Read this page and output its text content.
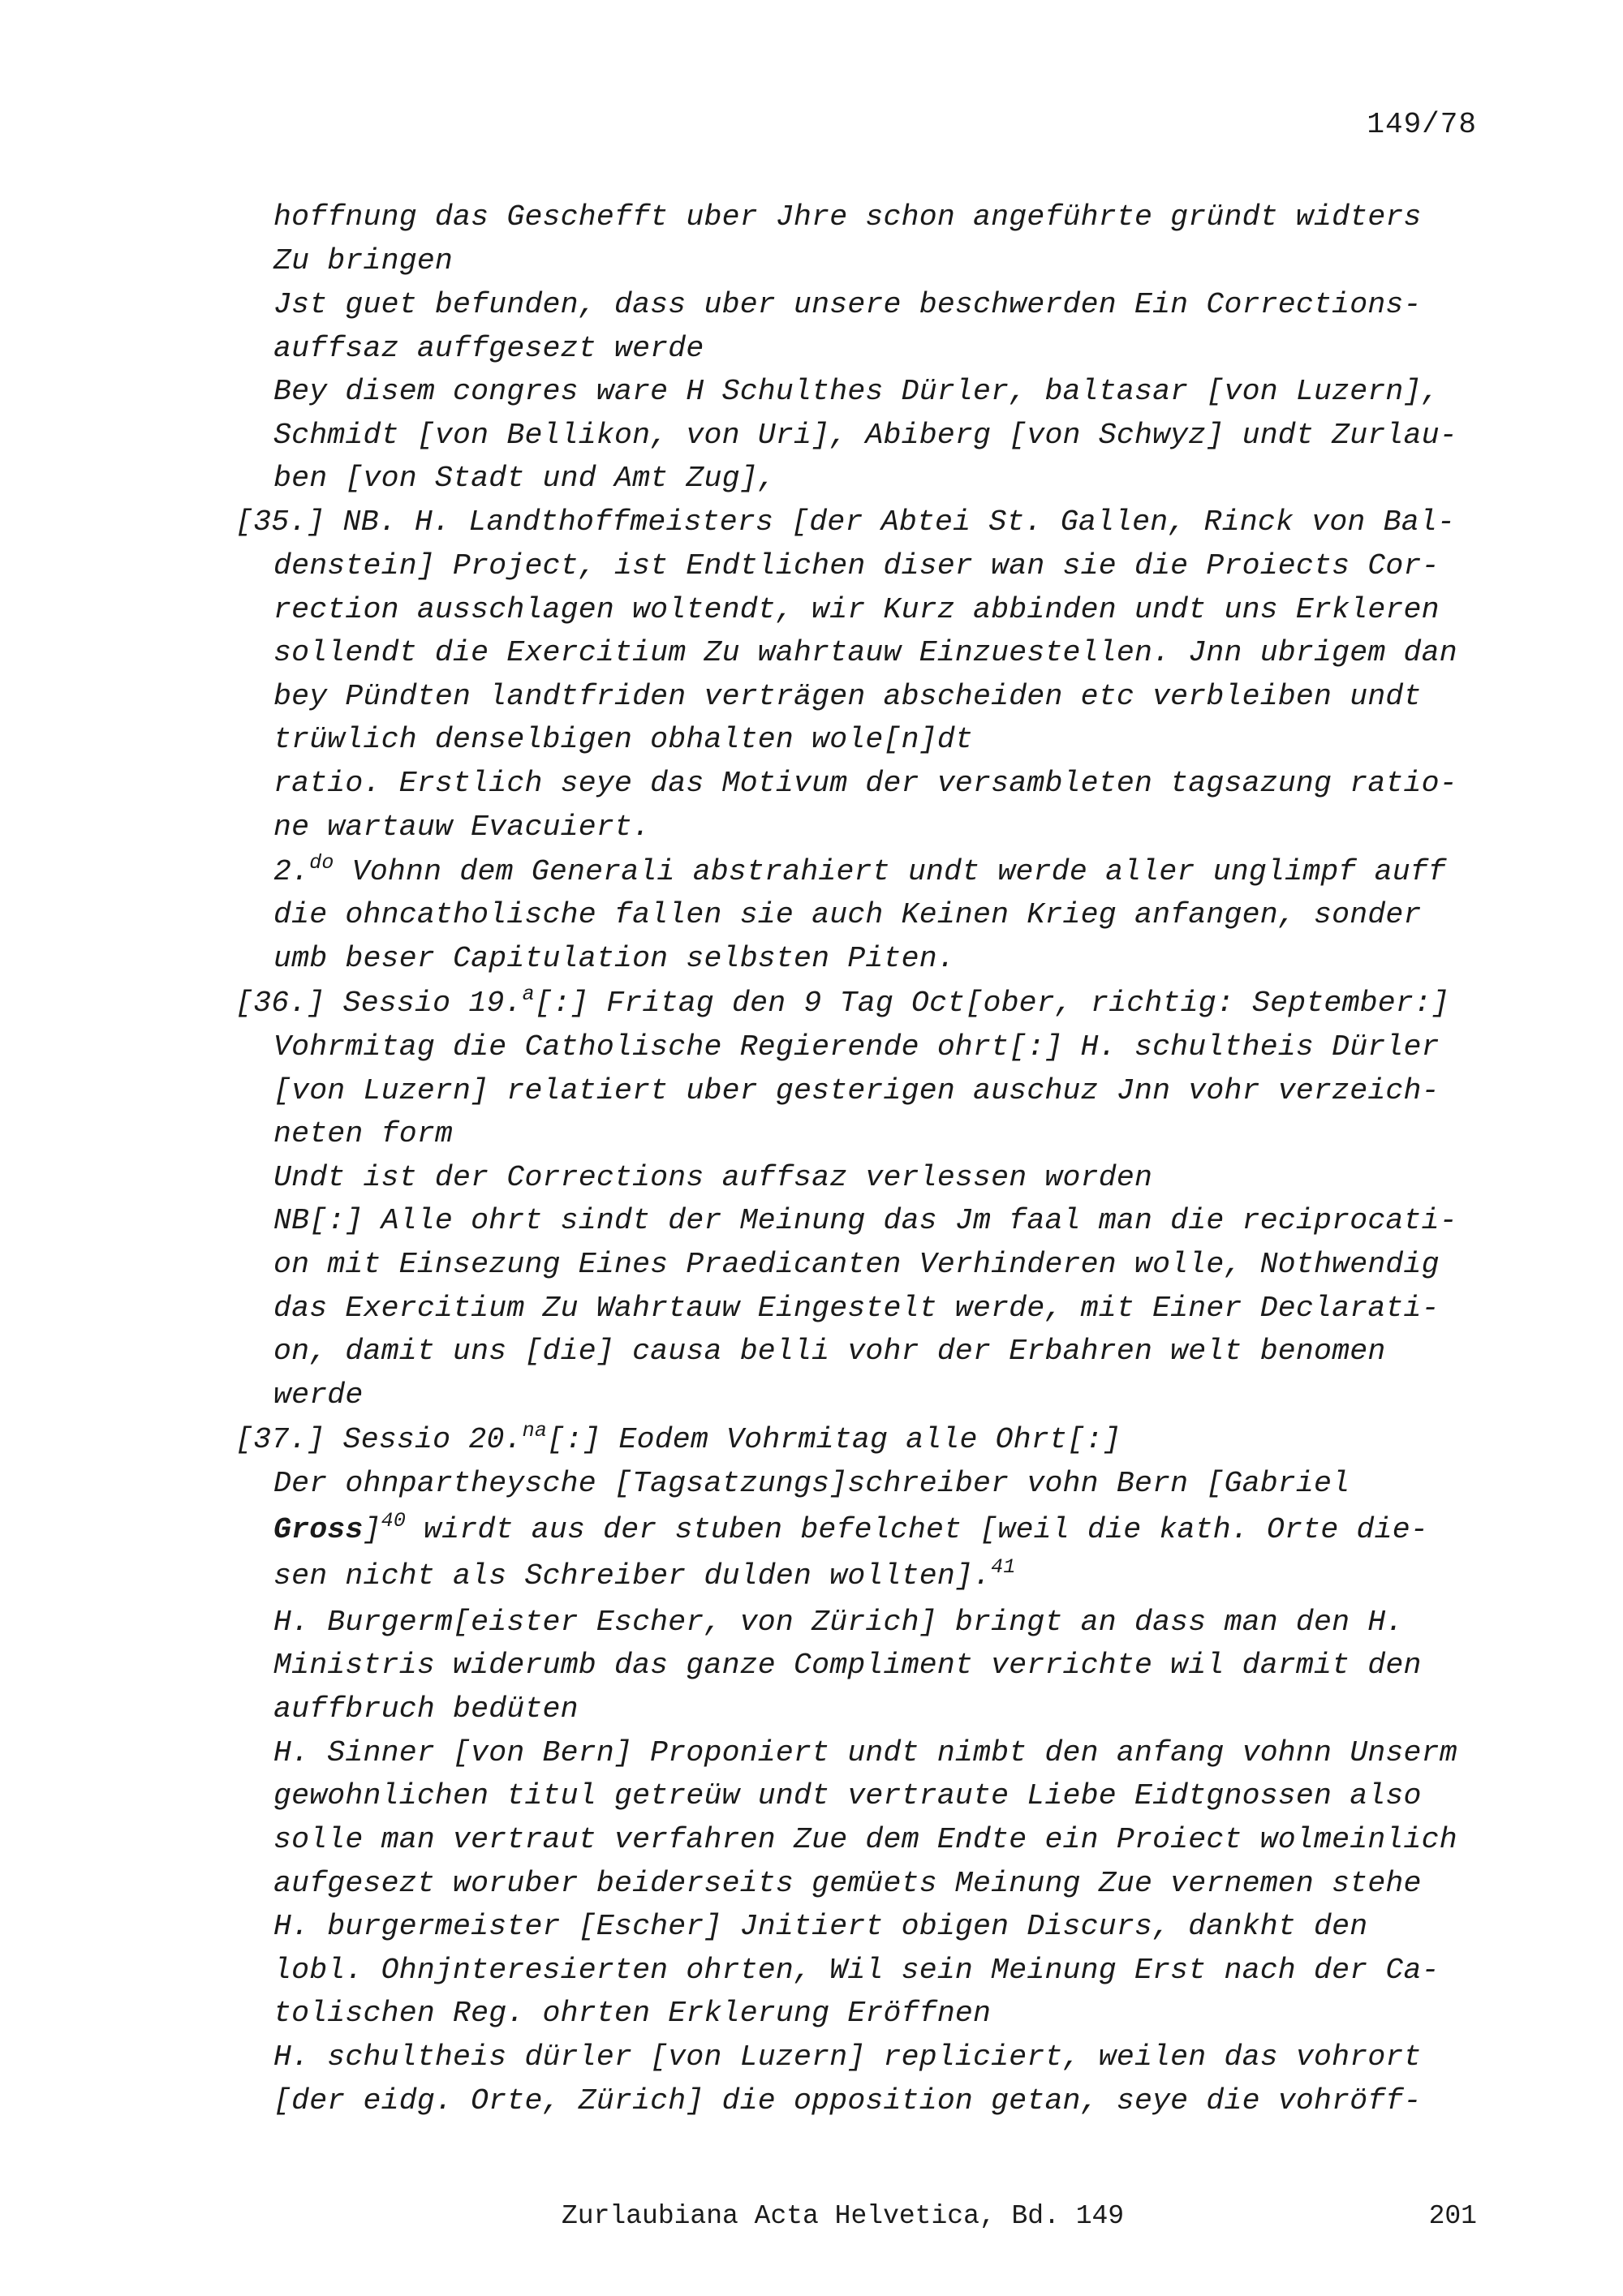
149/78
hoffnung das Geschefft uber Jhre schon angeführte gründt widters
Zu bringen
Jst guet befunden, dass uber unsere beschwerden Ein Corrections-
auffsaz auffgesezt werde
Bey disem congres ware H Schulthes Dürler, baltasar [von Luzern],
Schmidt [von Bellikon, von Uri], Abiberg [von Schwyz] undt Zurlau-
ben [von Stadt und Amt Zug],
[35.] NB. H. Landthoffmeisters [der Abtei St. Gallen, Rinck von Bal-
denstein] Project, ist Endtlichen diser wan sie die Proiects Cor-
rection ausschlagen woltendt, wir Kurz abbinden undt uns Erkleren
sollendt die Exercitium Zu wahrtauw Einzuestellen. Jnn ubrigem dan
bey Pündten landtfriden verträgen abscheiden etc verbleiben undt
trüwlich denselbigen obhalten wole[n]dt
ratio. Erstlich seye das Motivum der versambleten tagsazung ratio-
ne wartauw Evacuiert.
2.$^{do}$ Vohnn dem Generali abstrahiert undt werde aller unglimpf auff
die ohncatholische fallen sie auch Keinen Krieg anfangen, sonder
umb beser Capitulation selbsten Piten.
[36.] Sessio 19.$^a$[:] Fritag den 9 Tag Oct[ober, richtig: September:]
Vohrmitag die Catholische Regierende ohrt[:] H. schultheis Dürler
[von Luzern] relatiert uber gesterigen auschuz Jnn vohr verzeich-
neten form
Undt ist der Corrections auffsaz verlessen worden
NB[:] Alle ohrt sindt der Meinung das Jm faal man die reciprocati-
on mit Einsezung Eines Praedicanten Verhinderen wolle, Nothwendig
das Exercitium Zu Wahrtauw Eingestelt werde, mit Einer Declarati-
on, damit uns [die] causa belli vohr der Erbahren welt benomen
werde
[37.] Sessio 20.$^{na}$[:] Eodem Vohrmitag alle Ohrt[:]
Der ohnpartheysche [Tagsatzungs]schreiber vohn Bern [Gabriel
Gross]$^{40}$ wirdt aus der stuben befelchet [weil die kath. Orte die-
sen nicht als Schreiber dulden wollten].$^{41}$
H. Burgerm[eister Escher, von Zürich] bringt an dass man den H.
Ministris widerumb das ganze Compliment verrichte wil darmit den
auffbruch bedüten
H. Sinner [von Bern] Proponiert undt nimbt den anfang vohnn Unserm
gewohnlichen titul getreüw undt vertraute Liebe Eidtgnossen also
solle man vertraut verfahren Zue dem Endte ein Proiect wolmeinlich
aufgesezt woruber beiderseits gemüets Meinung Zue vernemen stehe
H. burgermeister [Escher] Jnitiert obigen Discurs, dankht den
lobl. Ohnjnteresierten ohrten, Wil sein Meinung Erst nach der Ca-
tolischen Reg. ohrten Erklerung Eröffnen
H. schultheis dürler [von Luzern] repliciert, weilen das vohrort
[der eidg. Orte, Zürich] die opposition getan, seye die vohröff-
Zurlaubiana Acta Helvetica, Bd. 149	201
